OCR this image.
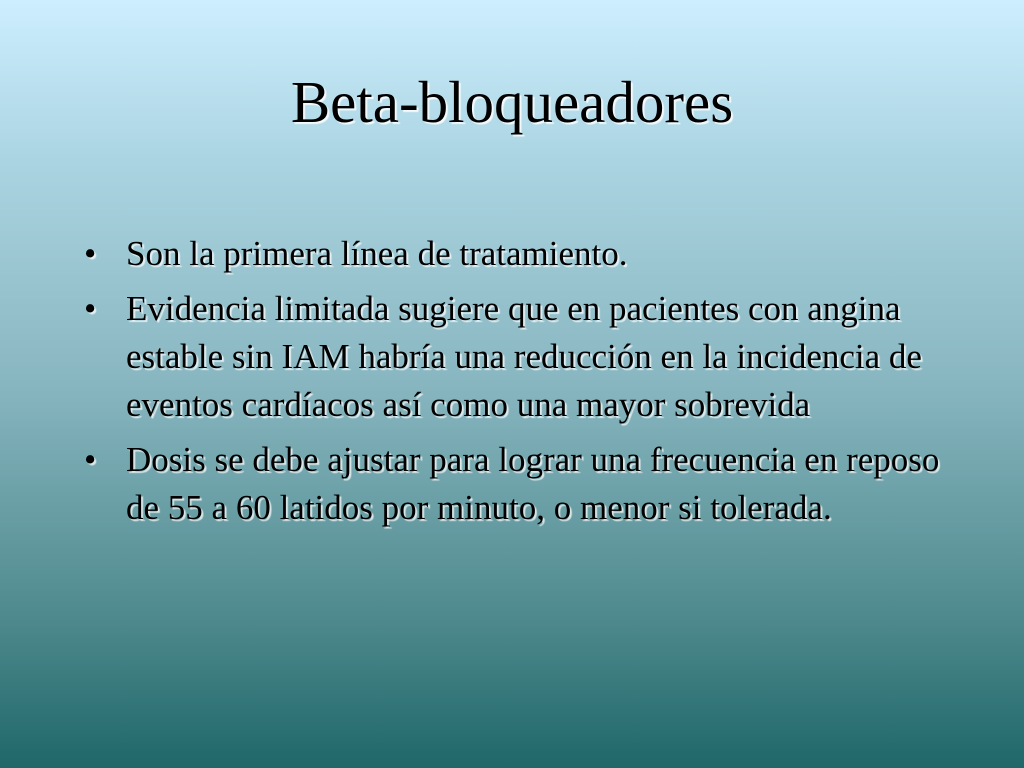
Beta-bloqueadores
• Son la primera línea de tratamiento.
• Evidencia limitada sugiere que en pacientes con angina estable sin IAM habría una reducción en la incidencia de eventos cardíacos así como una mayor sobrevida
• Dosis se debe ajustar para lograr una frecuencia en reposo de 55 a 60 latidos por minuto, o menor si tolerada.
